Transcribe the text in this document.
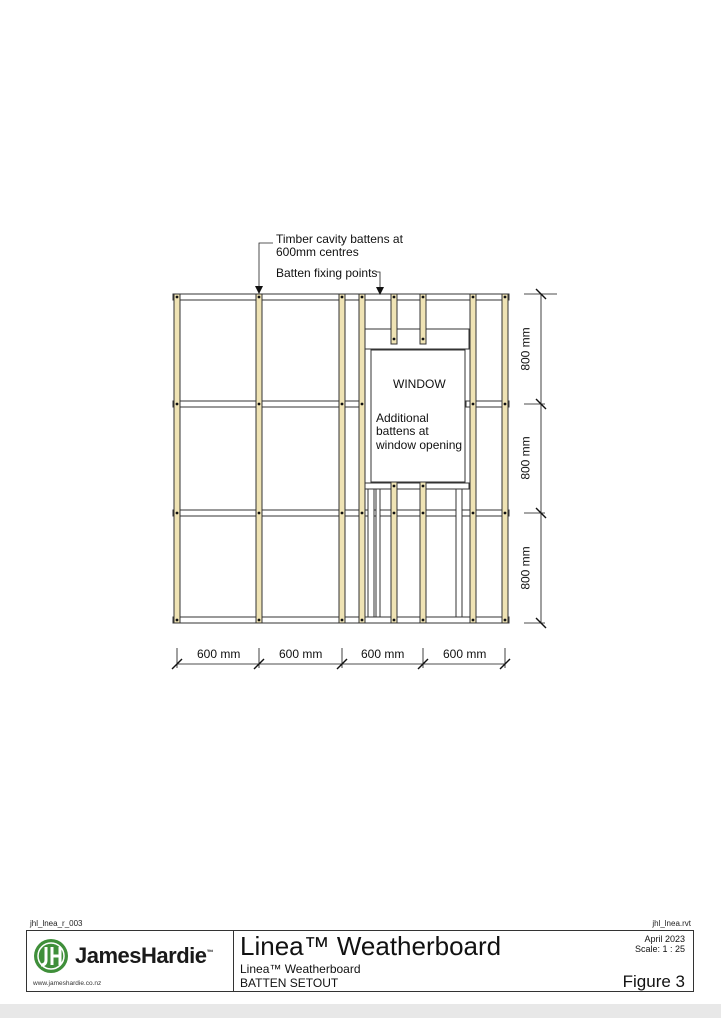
Timber cavity battens at
600mm centres
Batten fixing points
WINDOW
Additional
battens at
window opening
600 mm	600 mm	600 mm	600 mm
800 mm
800 mm
800 mm
jhl_lnea_r_003	jhl_lnea.rvt
JamesHardie™
www.jameshardie.co.nz
Linea™ Weatherboard
Linea™ Weatherboard
BATTEN SETOUT
April 2023
Scale: 1 : 25
Figure 3
